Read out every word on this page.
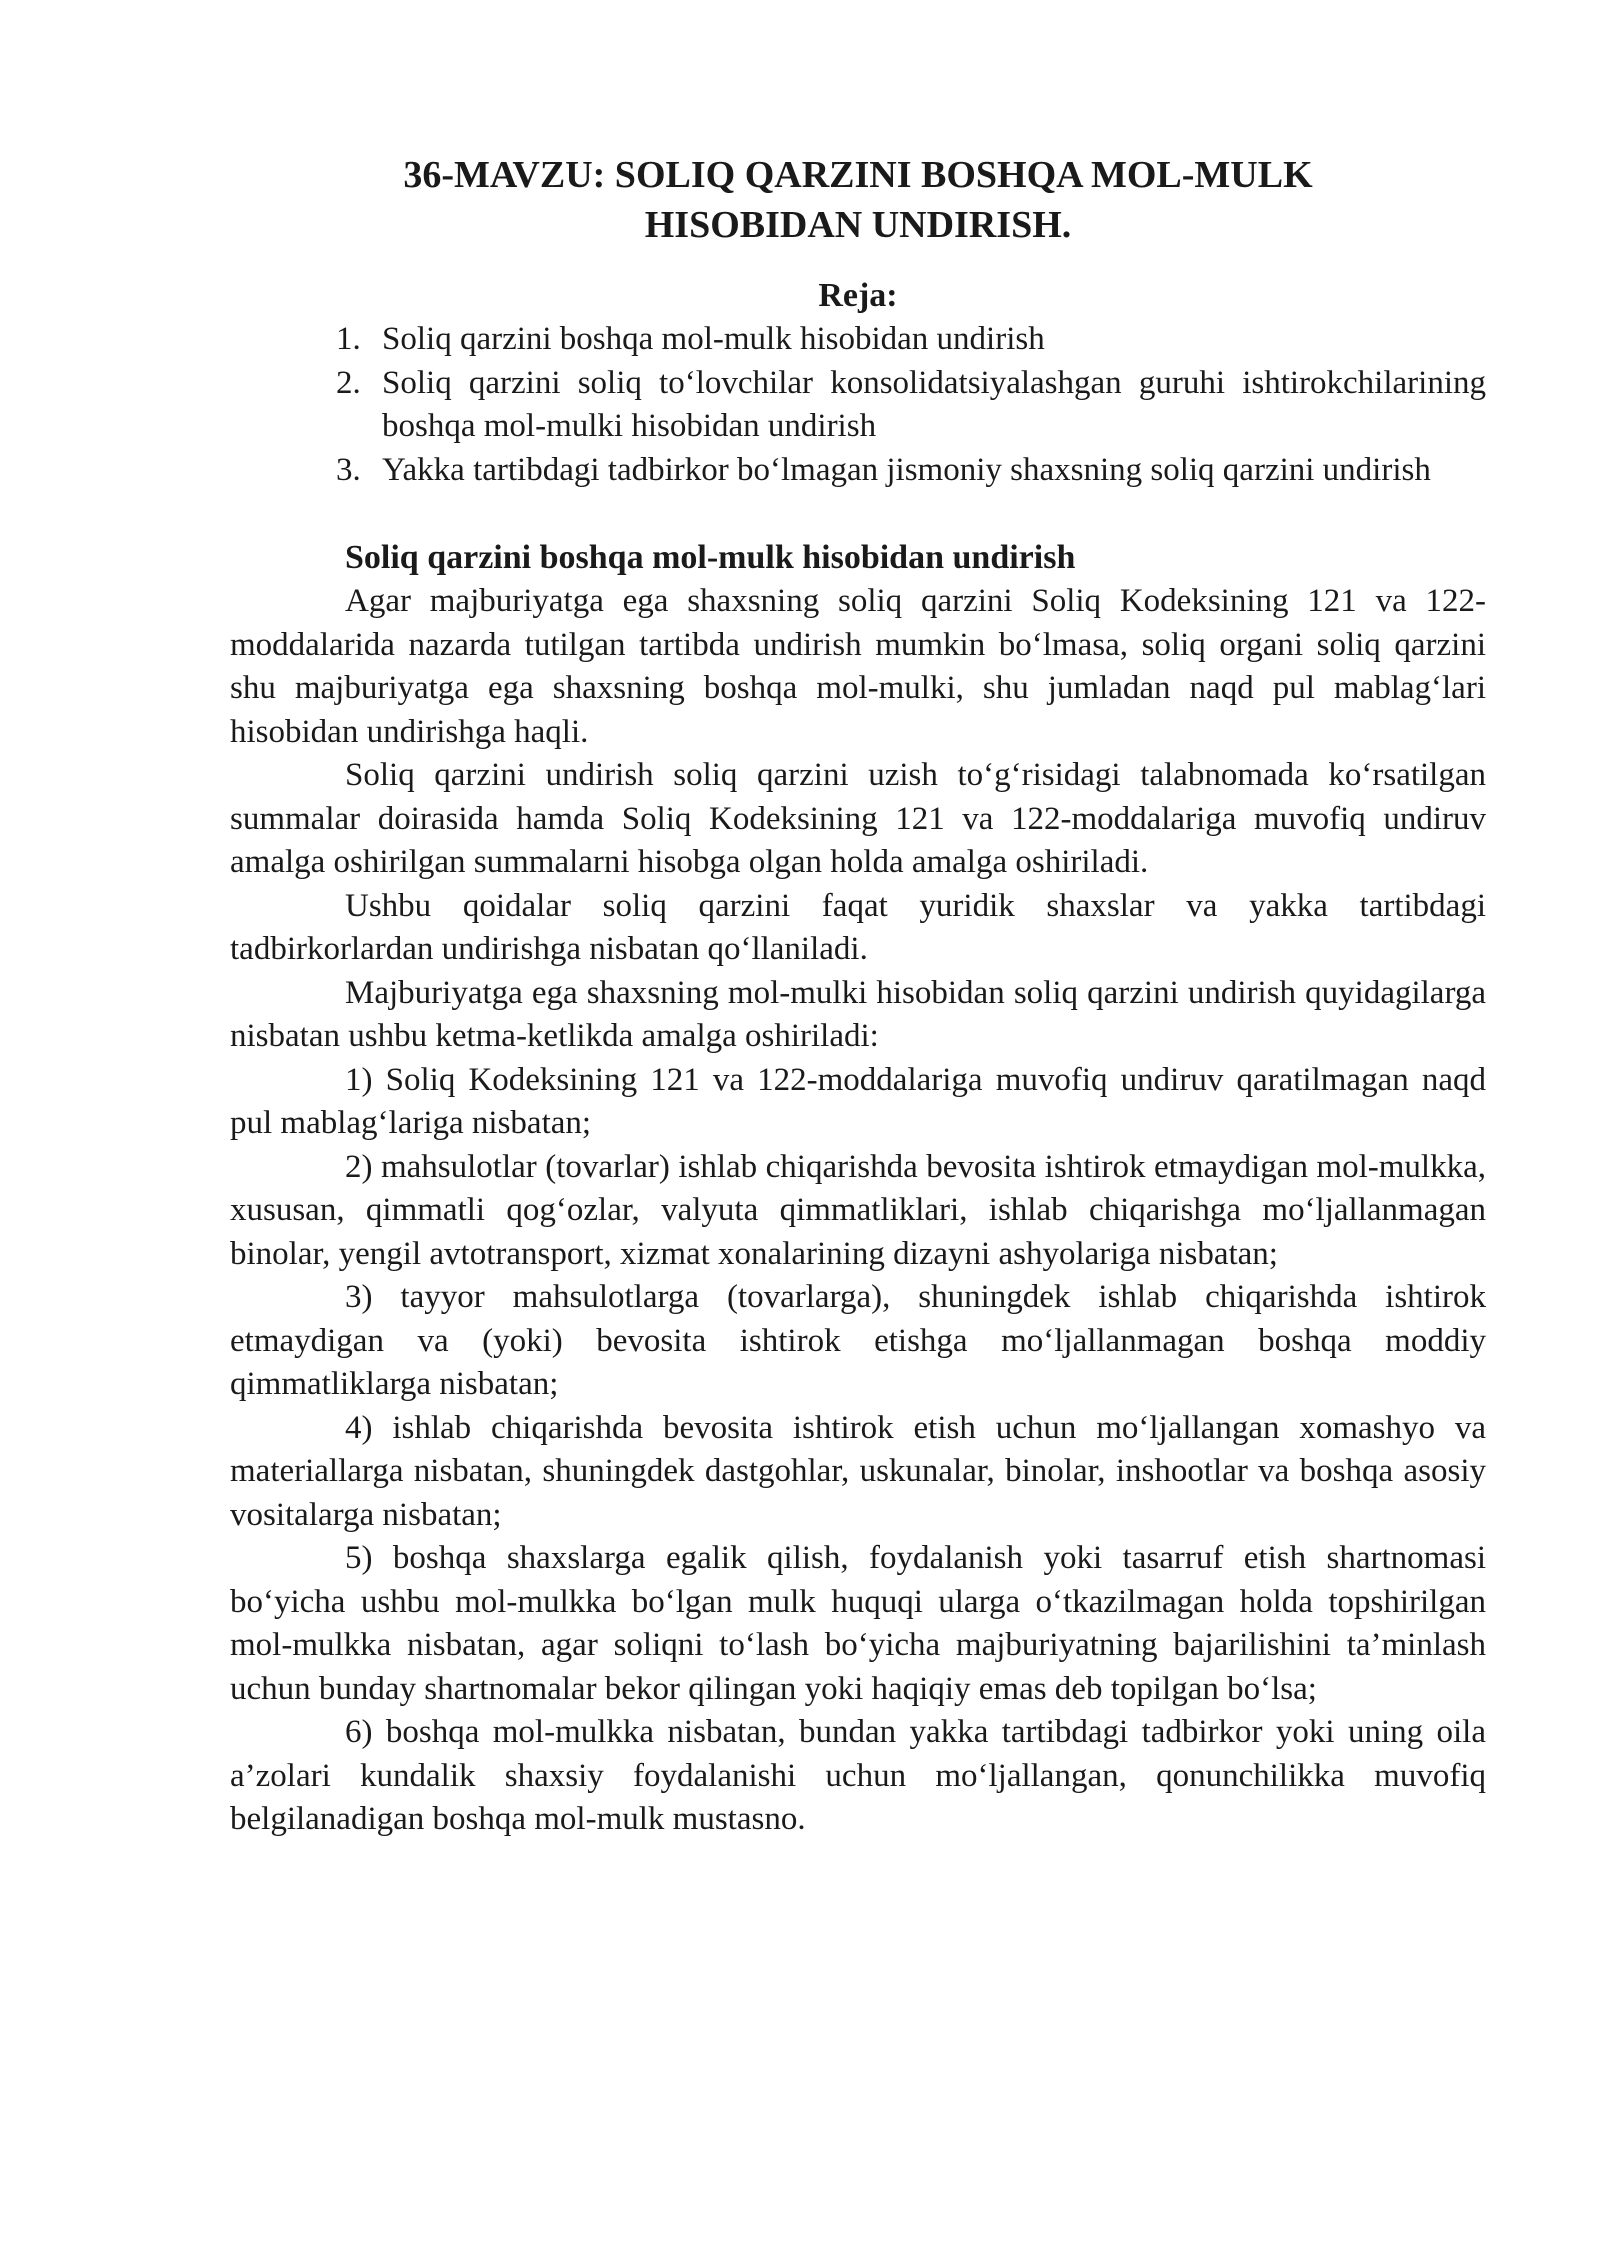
36-MAVZU: SOLIQ QARZINI BOSHQA MOL-MULK
HISOBIDAN UNDIRISH.
Reja:
1. Soliq qarzini boshqa mol-mulk hisobidan undirish
2. Soliq qarzini soliq to‘lovchilar konsolidatsiyalashgan guruhi ishtirokchilarining boshqa mol-mulki hisobidan undirish
3. Yakka tartibdagi tadbirkor bo‘lmagan jismoniy shaxsning soliq qarzini undirish
Soliq qarzini boshqa mol-mulk hisobidan undirish

Agar majburiyatga ega shaxsning soliq qarzini Soliq Kodeksining 121 va 122-moddalarida nazarda tutilgan tartibda undirish mumkin bo‘lmasa, soliq organi soliq qarzini shu majburiyatga ega shaxsning boshqa mol-mulki, shu jumladan naqd pul mablag‘lari hisobidan undirishga haqli.

Soliq qarzini undirish soliq qarzini uzish to‘g‘risidagi talabnomada ko‘rsatilgan summalar doirasida hamda Soliq Kodeksining 121 va 122-moddalariga muvofiq undiruv amalga oshirilgan summalarni hisobga olgan holda amalga oshiriladi.

Ushbu qoidalar soliq qarzini faqat yuridik shaxslar va yakka tartibdagi tadbirkorlardan undirishga nisbatan qo‘llaniladi.

Majburiyatga ega shaxsning mol-mulki hisobidan soliq qarzini undirish quyidagilarga nisbatan ushbu ketma-ketlikda amalga oshiriladi:

1) Soliq Kodeksining 121 va 122-moddalariga muvofiq undiruv qaratilmagan naqd pul mablag‘lariga nisbatan;

2) mahsulotlar (tovarlar) ishlab chiqarishda bevosita ishtirok etmaydigan mol-mulkka, xususan, qimmatli qog‘ozlar, valyuta qimmatliklari, ishlab chiqarishga mo‘ljallanmagan binolar, yengil avtotransport, xizmat xonalarining dizayni ashyolariga nisbatan;

3) tayyor mahsulotlarga (tovarlarga), shuningdek ishlab chiqarishda ishtirok etmaydigan va (yoki) bevosita ishtirok etishga mo‘ljallanmagan boshqa moddiy qimmatliklarga nisbatan;

4) ishlab chiqarishda bevosita ishtirok etish uchun mo‘ljallangan xomashyo va materiallarga nisbatan, shuningdek dastgohlar, uskunalar, binolar, inshootlar va boshqa asosiy vositalarga nisbatan;

5) boshqa shaxslarga egalik qilish, foydalanish yoki tasarruf etish shartnomasi bo‘yicha ushbu mol-mulkka bo‘lgan mulk huquqi ularga o‘tkazilmagan holda topshirilgan mol-mulkka nisbatan, agar soliqni to‘lash bo‘yicha majburiyatning bajarilishini ta’minlash uchun bunday shartnomalar bekor qilingan yoki haqiqiy emas deb topilgan bo‘lsa;

6) boshqa mol-mulkka nisbatan, bundan yakka tartibdagi tadbirkor yoki uning oila a’zolari kundalik shaxsiy foydalanishi uchun mo‘ljallangan, qonunchilikka muvofiq belgilanadigan boshqa mol-mulk mustasno.
